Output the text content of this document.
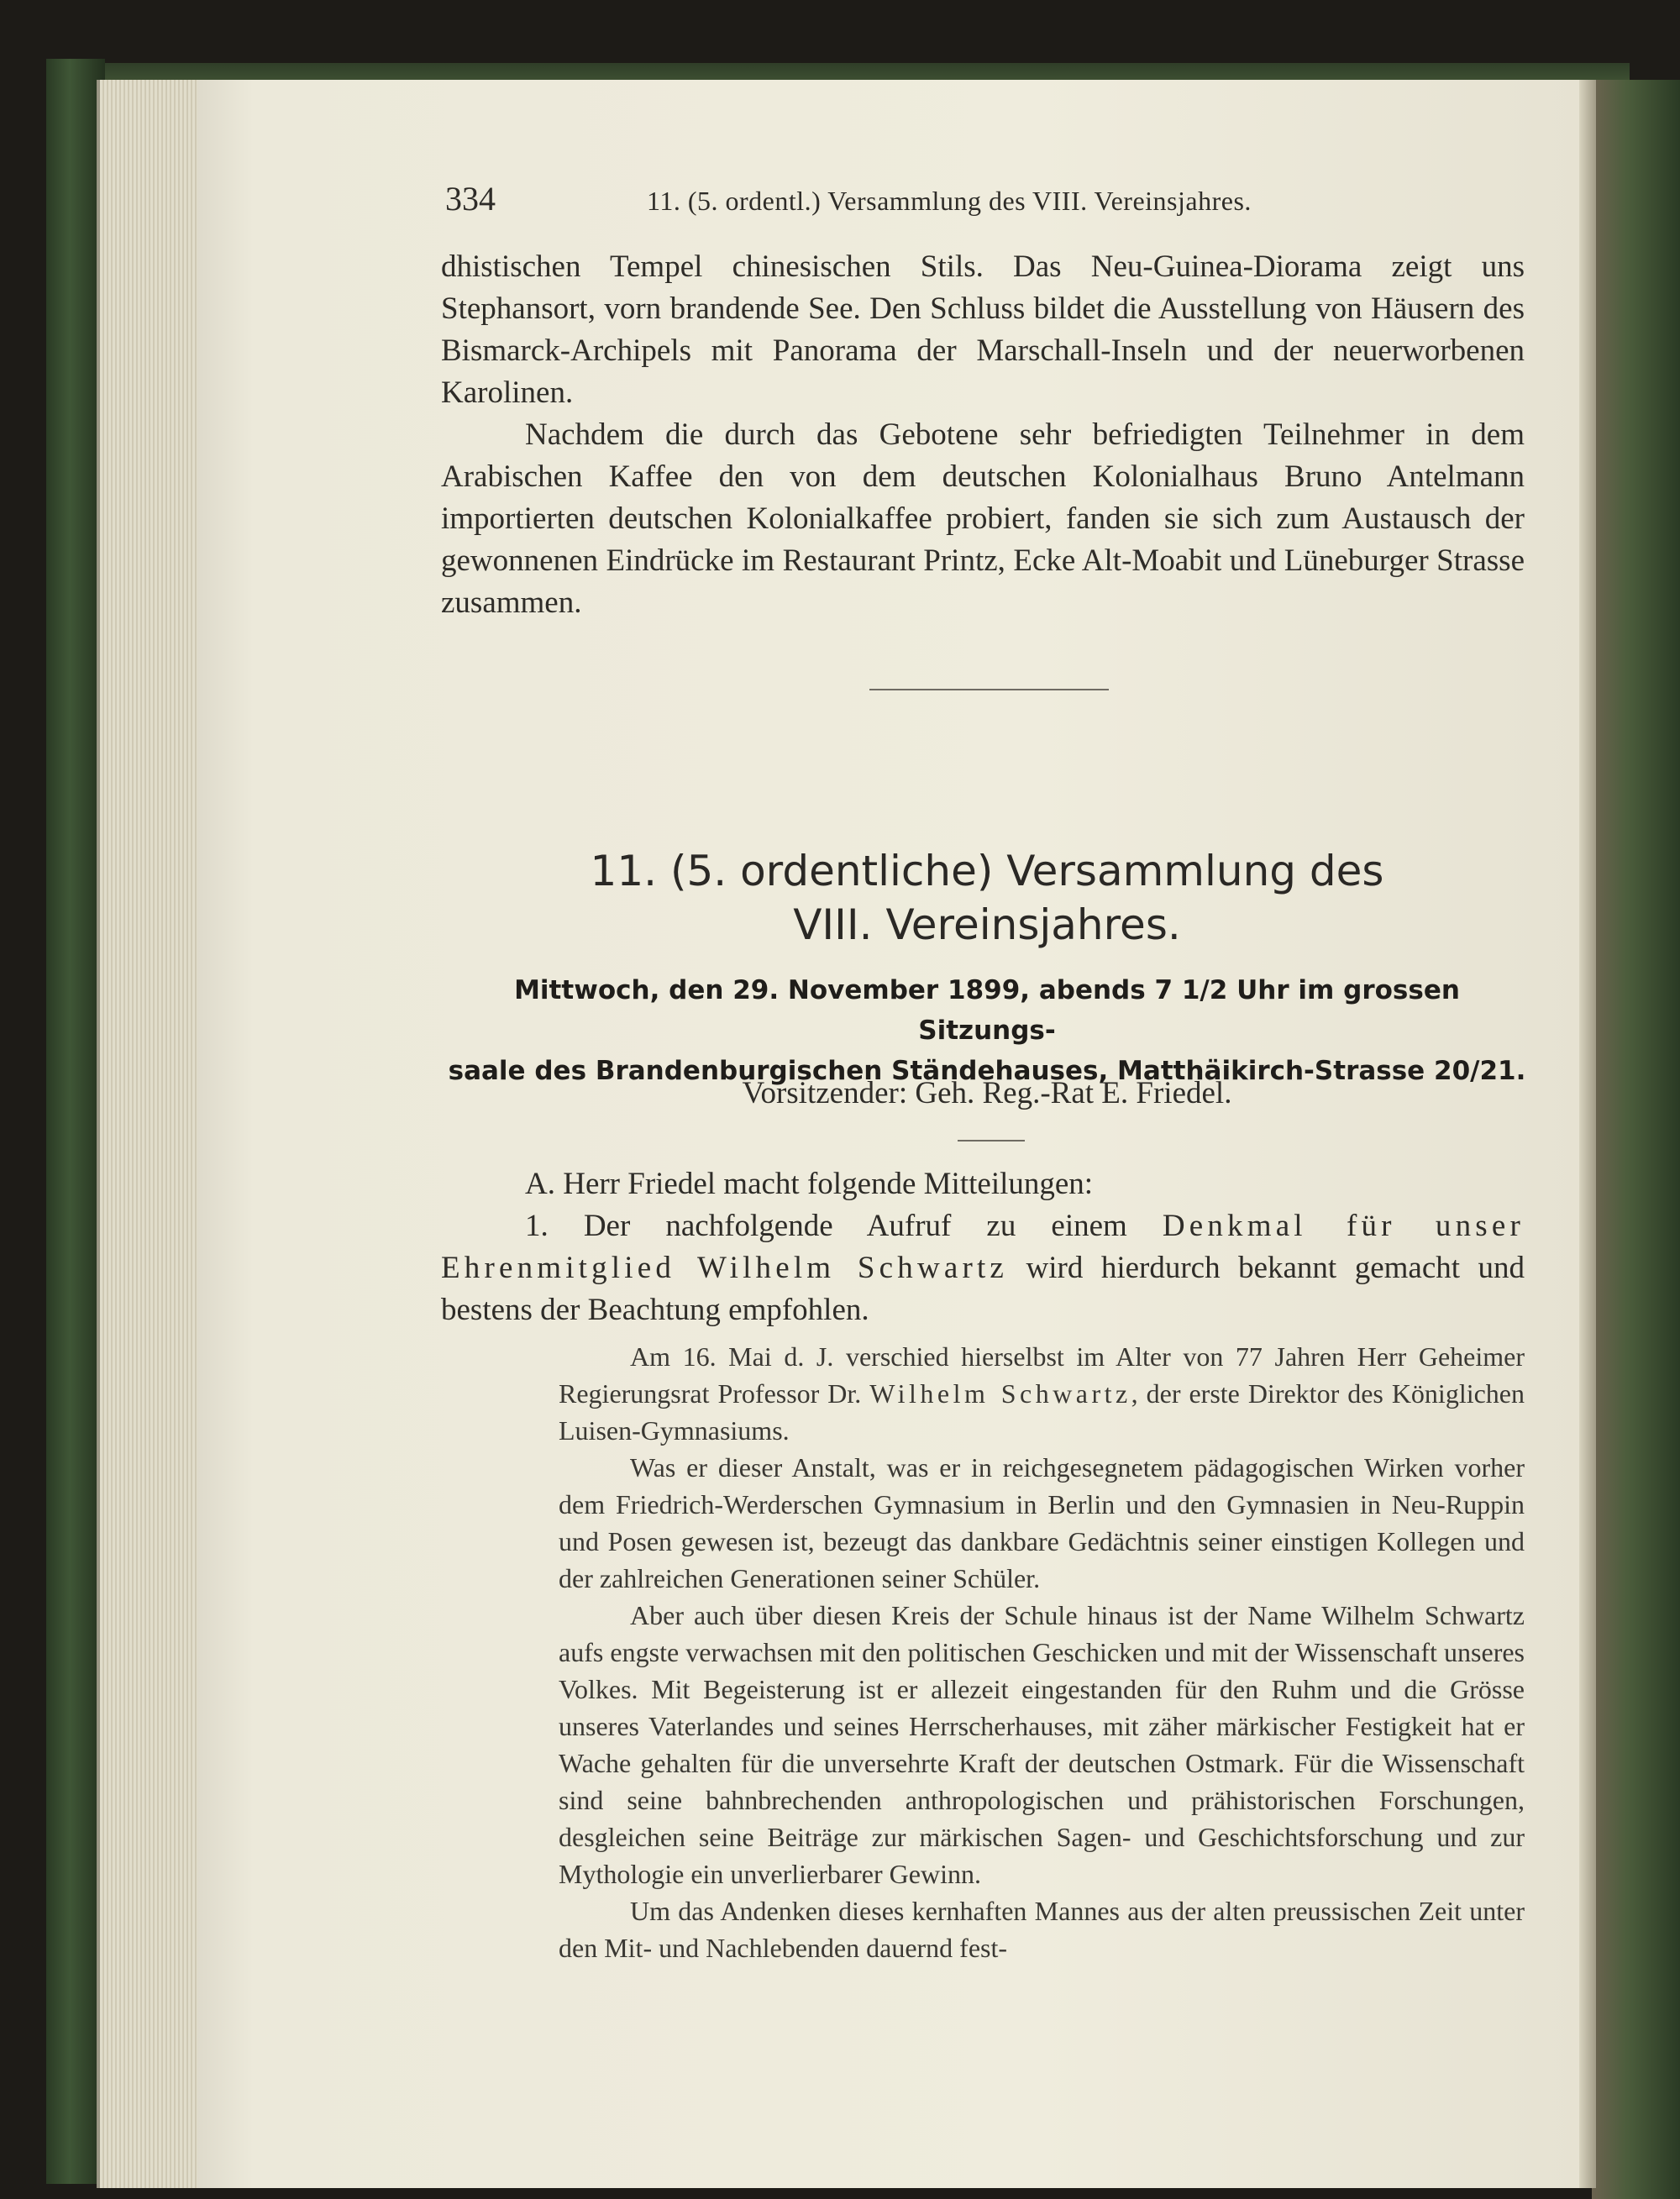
334	11. (5. ordentl.) Versammlung des VIII. Vereinsjahres.

dhistischen Tempel chinesischen Stils. Das Neu-Guinea-Diorama zeigt uns Stephansort, vorn brandende See. Den Schluss bildet die Ausstellung von Häusern des Bismarck-Archipels mit Panorama der Marschall-Inseln und der neuerworbenen Karolinen.

Nachdem die durch das Gebotene sehr befriedigten Teilnehmer in dem Arabischen Kaffee den von dem deutschen Kolonialhaus Bruno Antelmann importierten deutschen Kolonialkaffee probiert, fanden sie sich zum Austausch der gewonnenen Eindrücke im Restaurant Printz, Ecke Alt-Moabit und Lüneburger Strasse zusammen.

11. (5. ordentliche) Versammlung des
VIII. Vereinsjahres.
Mittwoch, den 29. November 1899, abends 7 1/2 Uhr im grossen Sitzungs-
saale des Brandenburgischen Ständehauses, Matthäikirch-Strasse 20/21.
Vorsitzender: Geh. Reg.-Rat E. Friedel.

A. Herr Friedel macht folgende Mitteilungen:

1. Der nachfolgende Aufruf zu einem Denkmal für unser Ehrenmitglied Wilhelm Schwartz wird hierdurch bekannt gemacht und bestens der Beachtung empfohlen.

Am 16. Mai d. J. verschied hierselbst im Alter von 77 Jahren Herr Geheimer Regierungsrat Professor Dr. Wilhelm Schwartz, der erste Direktor des Königlichen Luisen-Gymnasiums.

Was er dieser Anstalt, was er in reichgesegnetem pädagogischen Wirken vorher dem Friedrich-Werderschen Gymnasium in Berlin und den Gymnasien in Neu-Ruppin und Posen gewesen ist, bezeugt das dankbare Gedächtnis seiner einstigen Kollegen und der zahlreichen Generationen seiner Schüler.

Aber auch über diesen Kreis der Schule hinaus ist der Name Wilhelm Schwartz aufs engste verwachsen mit den politischen Geschicken und mit der Wissenschaft unseres Volkes. Mit Begeisterung ist er allezeit eingestanden für den Ruhm und die Grösse unseres Vaterlandes und seines Herrscherhauses, mit zäher märkischer Festigkeit hat er Wache gehalten für die unversehrte Kraft der deutschen Ostmark. Für die Wissenschaft sind seine bahnbrechenden anthropologischen und prähistorischen Forschungen, desgleichen seine Beiträge zur märkischen Sagen- und Geschichtsforschung und zur Mythologie ein unverlierbarer Gewinn.

Um das Andenken dieses kernhaften Mannes aus der alten preussischen Zeit unter den Mit- und Nachlebenden dauernd fest-
